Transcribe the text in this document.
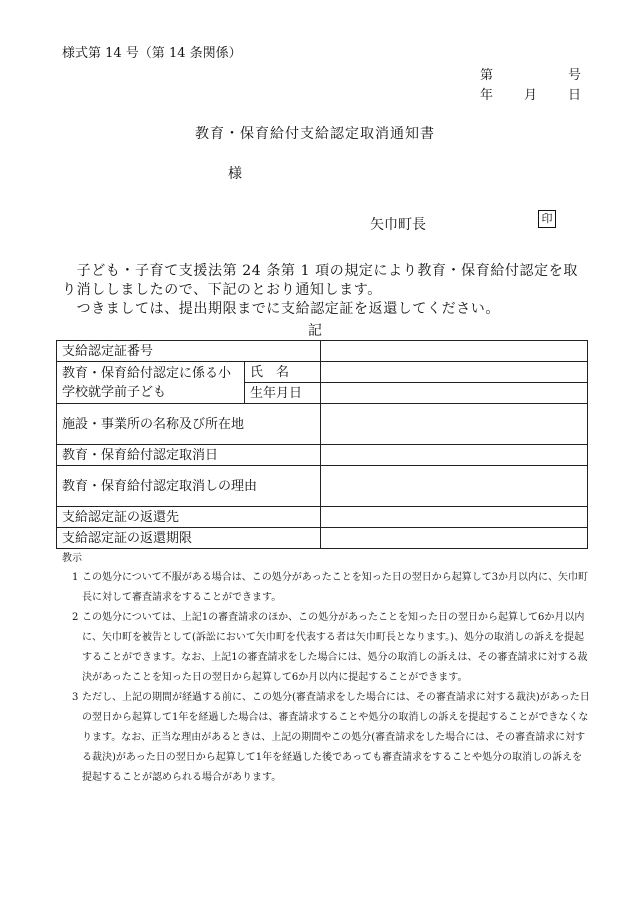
様式第 14 号（第 14 条関係）
第	号
年 月 日
教育・保育給付支給認定取消通知書
様
矢巾町長	印

　子ども・子育て支援法第 24 条第 1 項の規定により教育・保育給付認定を取り消ししましたので、下記のとおり通知します。

　つきましては、提出期限までに支給認定証を返還してください。

記
支給認定証番号		
教育・保育給付認定に係る小学校就学前子ども	氏　名	
	生年月日	
施設・事業所の名称及び所在地		
教育・保育給付認定取消日		
教育・保育給付認定取消しの理由		
支給認定証の返還先		
支給認定証の返還期限		
教示
1 この処分について不服がある場合は、この処分があったことを知った日の翌日から起算して3か月以内に、矢巾町長に対して審査請求をすることができます。
2 この処分については、上記1の審査請求のほか、この処分があったことを知った日の翌日から起算して6か月以内に、矢巾町を被告として(訴訟において矢巾町を代表する者は矢巾町長となります。)、処分の取消しの訴えを提起することができます。なお、上記1の審査請求をした場合には、処分の取消しの訴えは、その審査請求に対する裁決があったことを知った日の翌日から起算して6か月以内に提起することができます。
3 ただし、上記の期間が経過する前に、この処分(審査請求をした場合には、その審査請求に対する裁決)があった日の翌日から起算して1年を経過した場合は、審査請求することや処分の取消しの訴えを提起することができなくなります。なお、正当な理由があるときは、上記の期間やこの処分(審査請求をした場合には、その審査請求に対する裁決)があった日の翌日から起算して1年を経過した後であっても審査請求をすることや処分の取消しの訴えを提起することが認められる場合があります。
